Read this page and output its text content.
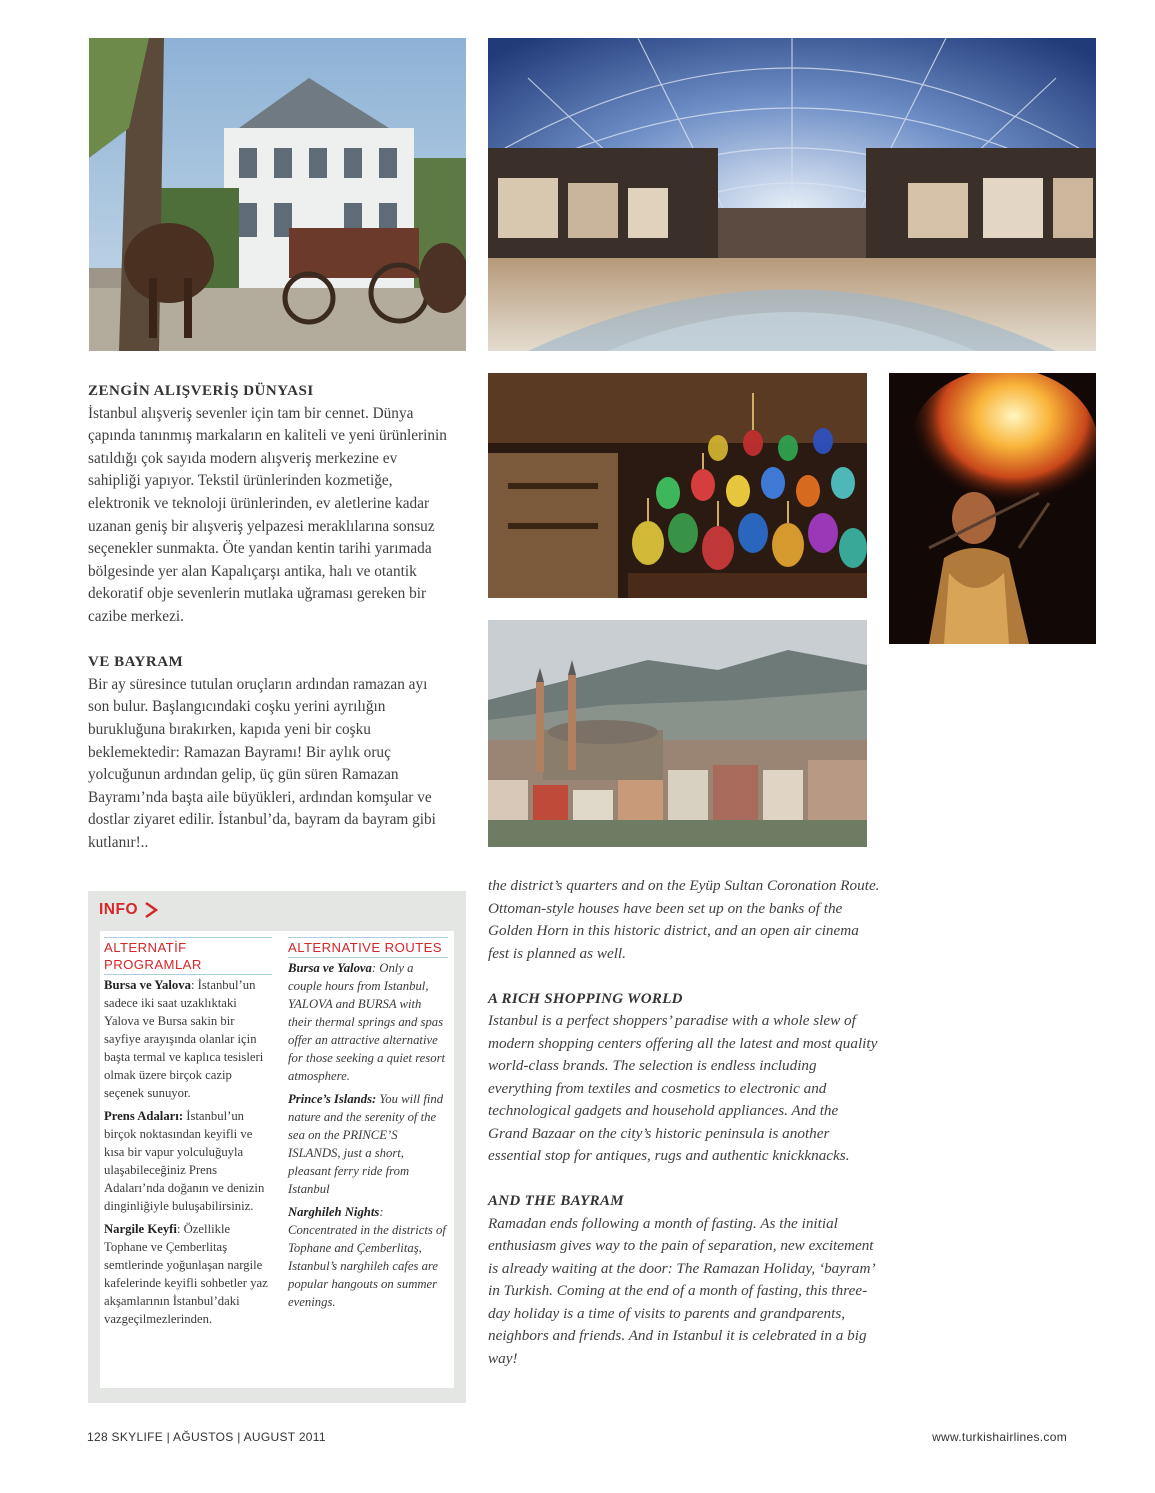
ZENGİN ALIŞVERİŞ DÜNYASI

İstanbul alışveriş sevenler için tam bir cennet. Dünya çapında tanınmış markaların en kaliteli ve yeni ürünlerinin satıldığı çok sayıda modern alışveriş merkezine ev sahipliği yapıyor. Tekstil ürünlerinden kozmetiğe, elektronik ve teknoloji ürünlerinden, ev aletlerine kadar uzanan geniş bir alışveriş yelpazesi meraklılarına sonsuz seçenekler sunmakta. Öte yandan kentin tarihi yarımada bölgesinde yer alan Kapalıçarşı antika, halı ve otantik dekoratif obje sevenlerin mutlaka uğraması gereken bir cazibe merkezi.

VE BAYRAM

Bir ay süresince tutulan oruçların ardından ramazan ayı son bulur. Başlangıcındaki coşku yerini ayrılığın burukluğuna bırakırken, kapıda yeni bir coşku beklemektedir: Ramazan Bayramı! Bir aylık oruç yolcuğunun ardından gelip, üç gün süren Ramazan Bayramı’nda başta aile büyükleri, ardından komşular ve dostlar ziyaret edilir. İstanbul’da, bayram da bayram gibi kutlanır!..

the district’s quarters and on the Eyüp Sultan Coronation Route. Ottoman-style houses have been set up on the banks of the Golden Horn in this historic district, and an open air cinema fest is planned as well.

A RICH SHOPPING WORLD

Istanbul is a perfect shoppers’ paradise with a whole slew of modern shopping centers offering all the latest and most quality world-class brands. The selection is endless including everything from textiles and cosmetics to electronic and technological gadgets and household appliances. And the Grand Bazaar on the city’s historic peninsula is another essential stop for antiques, rugs and authentic knickknacks.

AND THE BAYRAM

Ramadan ends following a month of fasting. As the initial enthusiasm gives way to the pain of separation, new excitement is already waiting at the door: The Ramazan Holiday, ‘bayram’ in Turkish. Coming at the end of a month of fasting, this three-day holiday is a time of visits to parents and grandparents, neighbors and friends. And in Istanbul it is celebrated in a big way!

INFO
ALTERNATİF PROGRAMLAR

Bursa ve Yalova: İstanbul’un sadece iki saat uzaklıktaki Yalova ve Bursa sakin bir sayfiye arayışında olanlar için başta termal ve kaplıca tesisleri olmak üzere birçok cazip seçenek sunuyor.

Prens Adaları: İstanbul’un birçok noktasından keyifli ve kısa bir vapur yolculuğuyla ulaşabileceğiniz Prens Adaları’nda doğanın ve denizin dinginliğiyle buluşabilirsiniz.

Nargile Keyfi: Özellikle Tophane ve Çemberlitaş semtlerinde yoğunlaşan nargile kafelerinde keyifli sohbetler yaz akşamlarının İstanbul’daki vazgeçilmezlerinden.

ALTERNATIVE ROUTES

Bursa ve Yalova: Only a couple hours from Istanbul, YALOVA and BURSA with their thermal springs and spas offer an attractive alternative for those seeking a quiet resort atmosphere.

Prince’s Islands: You will find nature and the serenity of the sea on the PRINCE’S ISLANDS, just a short, pleasant ferry ride from Istanbul

Narghileh Nights: Concentrated in the districts of Tophane and Çemberlitaş, Istanbul’s narghileh cafes are popular hangouts on summer evenings.

128 SKYLIFE | AĞUSTOS | AUGUST 2011	www.turkishairlines.com
